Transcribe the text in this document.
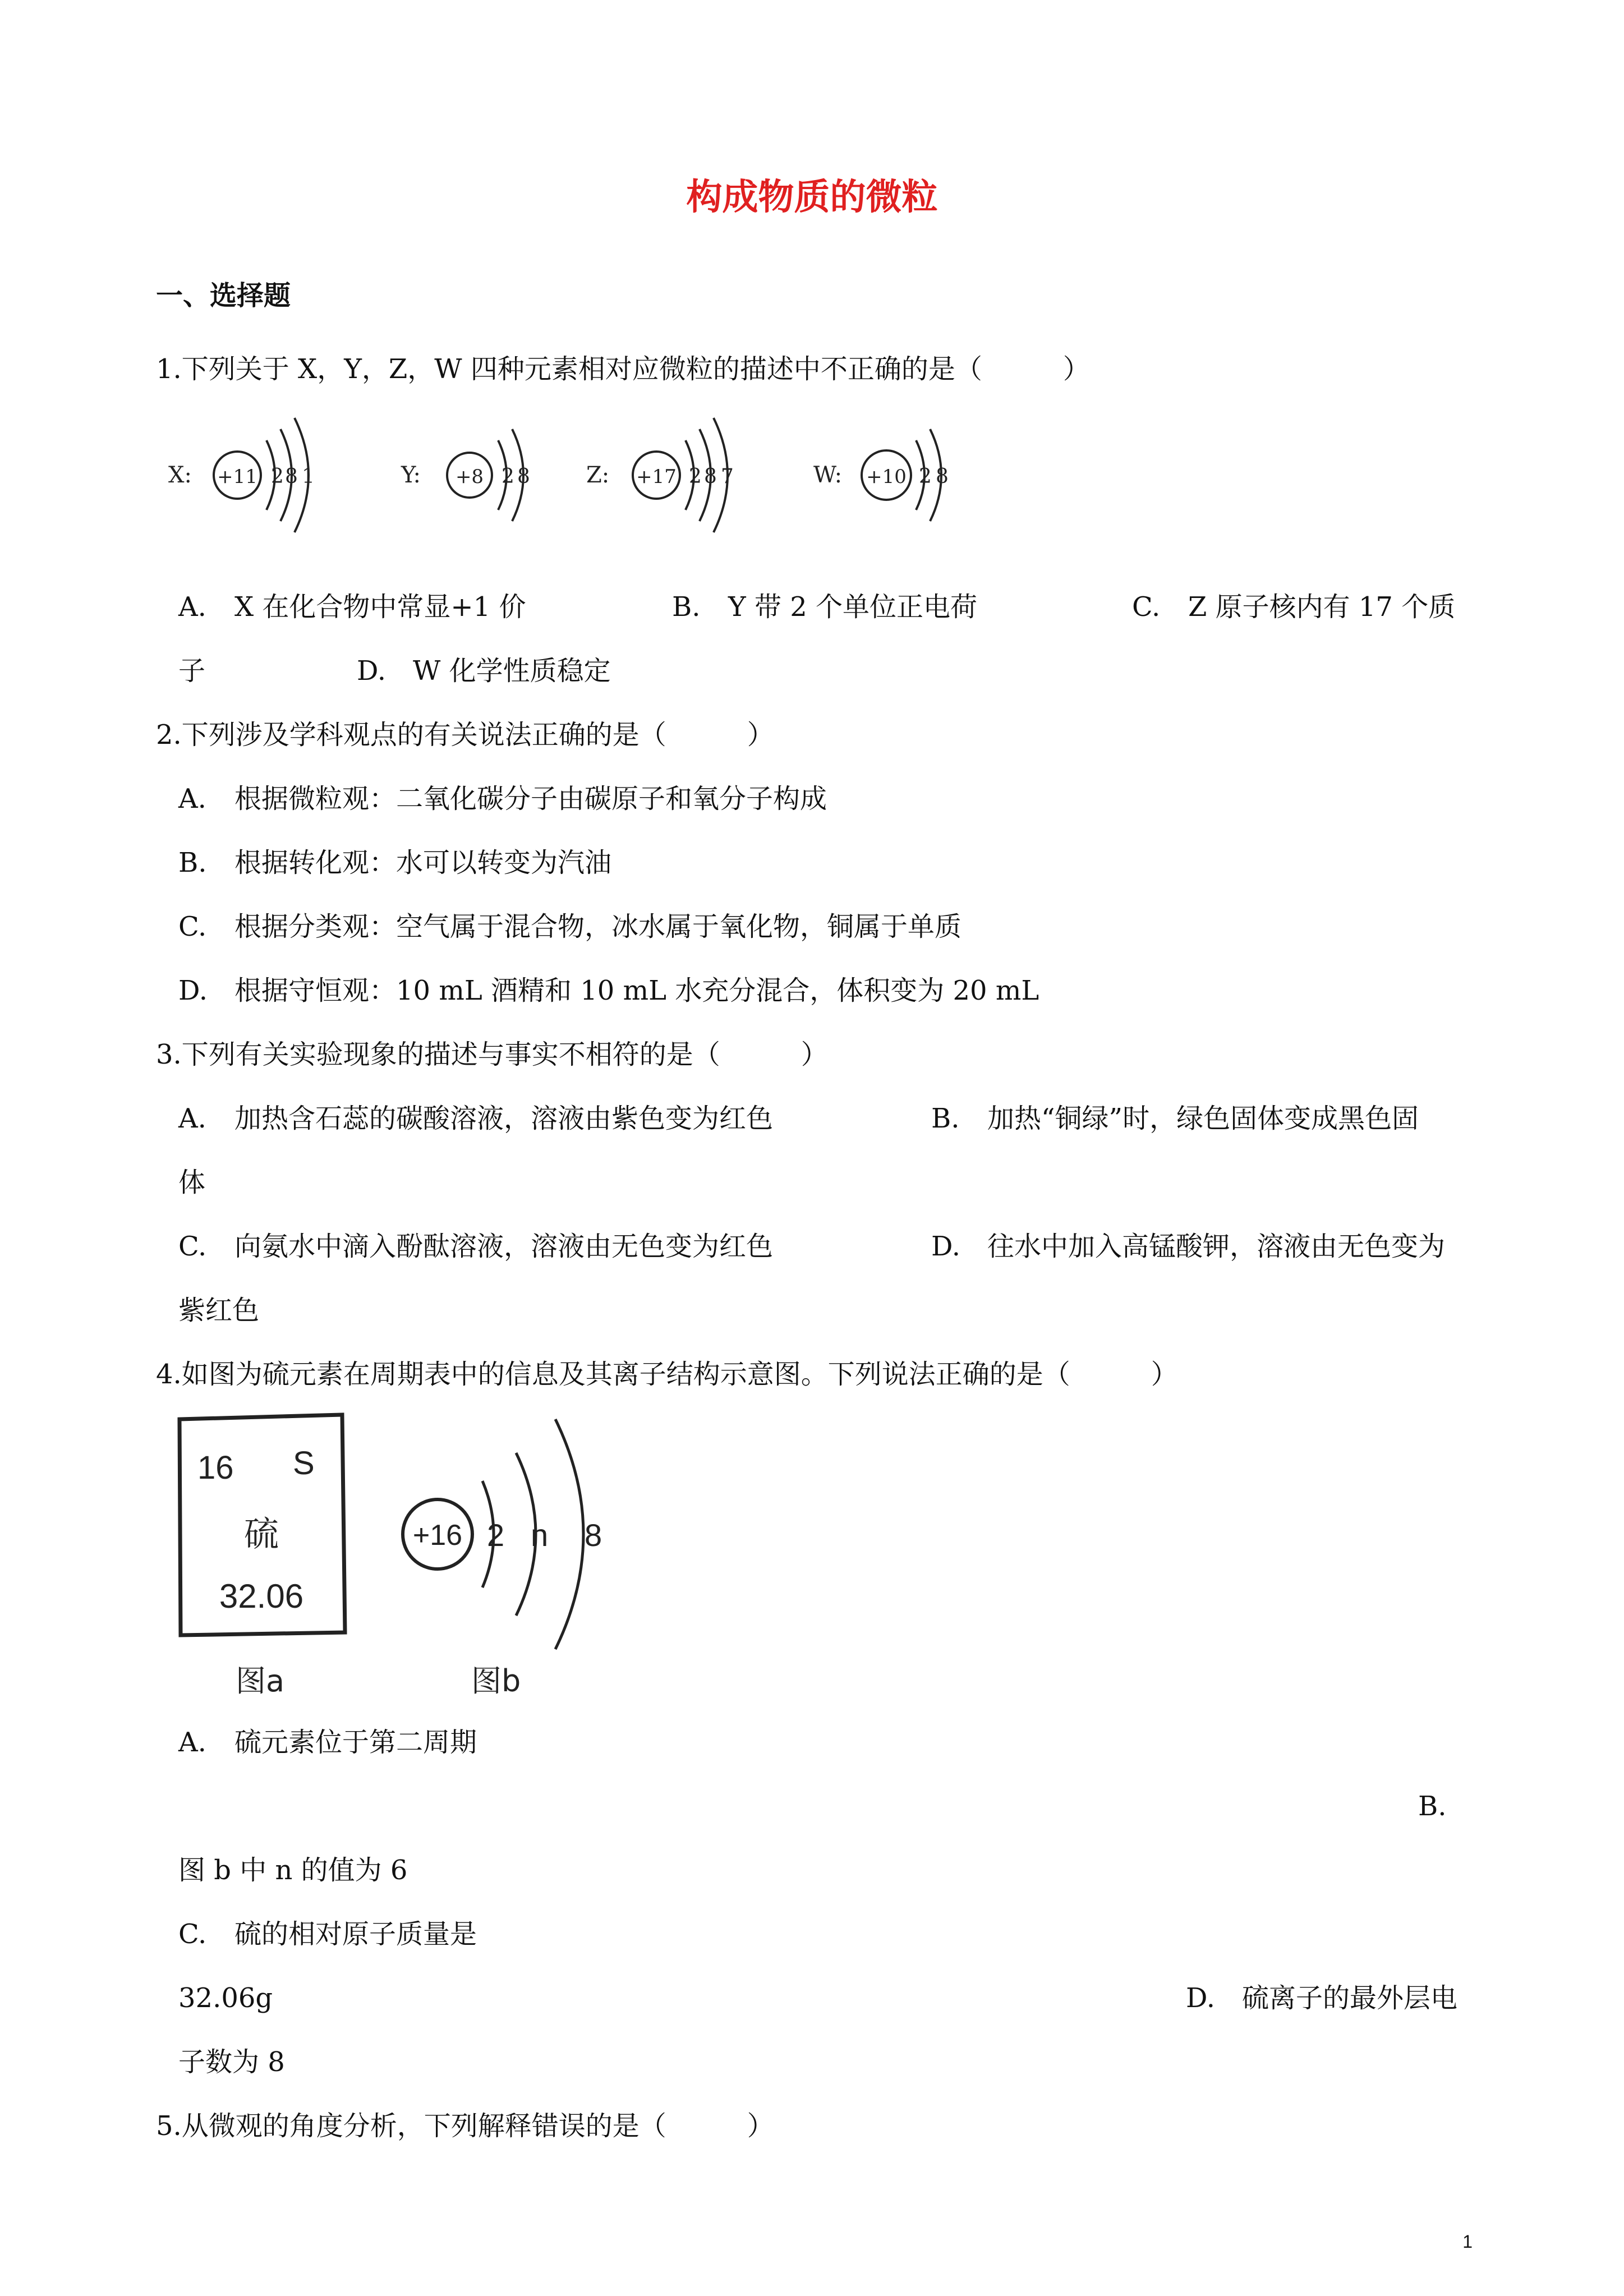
构成物质的微粒
一、选择题
1.下列关于 X，Y，Z，W 四种元素相对应微粒的描述中不正确的是（　　　）
X: +11 2 8 1	Y: +8 2 8	Z: +17 2 8 7	W: +10 2 8
A. X 在化合物中常显+1 价	B. Y 带 2 个单位正电荷	C. Z 原子核内有 17 个质
子	D. W 化学性质稳定
2.下列涉及学科观点的有关说法正确的是（　　　）
A. 根据微粒观：二氧化碳分子由碳原子和氧分子构成
B. 根据转化观：水可以转变为汽油
C. 根据分类观：空气属于混合物，冰水属于氧化物，铜属于单质
D. 根据守恒观：10 mL 酒精和 10 mL 水充分混合，体积变为 20 mL
3.下列有关实验现象的描述与事实不相符的是（　　　）
A. 加热含石蕊的碳酸溶液，溶液由紫色变为红色	B. 加热“铜绿”时，绿色固体变成黑色固
体
C. 向氨水中滴入酚酞溶液，溶液由无色变为红色	D. 往水中加入高锰酸钾，溶液由无色变为
紫红色
4.如图为硫元素在周期表中的信息及其离子结构示意图。下列说法正确的是（　　　）
16 S
硫
32.06
图a
+16 2 n 8
图b
A. 硫元素位于第二周期
B.
图 b 中 n 的值为 6
C. 硫的相对原子质量是
32.06g	D. 硫离子的最外层电
子数为 8
5.从微观的角度分析，下列解释错误的是（　　　）
1
